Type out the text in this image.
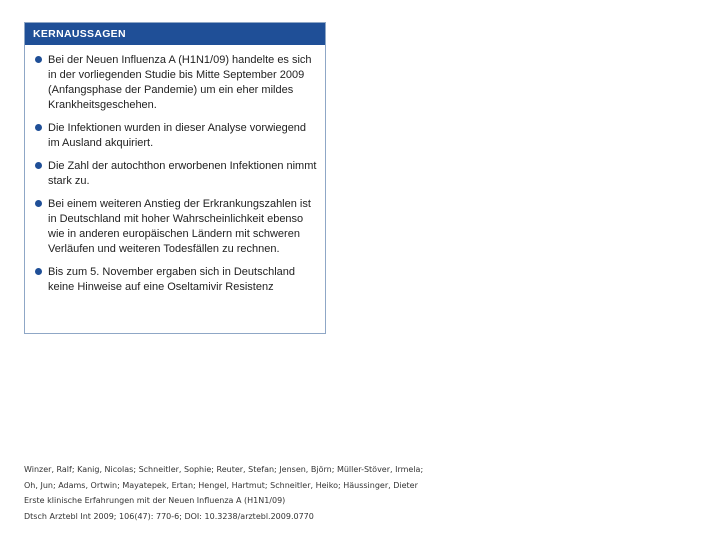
KERNAUSSAGEN
Bei der Neuen Influenza A (H1N1/09) handelte es sich in der vorliegenden Studie bis Mitte September 2009 (Anfangsphase der Pandemie) um ein eher mildes Krankheitsgeschehen.
Die Infektionen wurden in dieser Analyse vorwiegend im Ausland akquiriert.
Die Zahl der autochthon erworbenen Infektionen nimmt stark zu.
Bei einem weiteren Anstieg der Erkrankungszahlen ist in Deutschland mit hoher Wahrscheinlichkeit ebenso wie in anderen europäischen Ländern mit schweren Verläufen und weiteren Todesfällen zu rechnen.
Bis zum 5. November ergaben sich in Deutschland keine Hinweise auf eine Oseltamivir Resistenz
Winzer, Ralf; Kanig, Nicolas; Schneitler, Sophie; Reuter, Stefan; Jensen, Björn; Müller-Stöver, Irmela;
Oh, Jun; Adams, Ortwin; Mayatepek, Ertan; Hengel, Hartmut; Schneitler, Heiko; Häussinger, Dieter
Erste klinische Erfahrungen mit der Neuen Influenza A (H1N1/09)
Dtsch Arztebl Int 2009; 106(47): 770-6; DOI: 10.3238/arztebl.2009.0770
